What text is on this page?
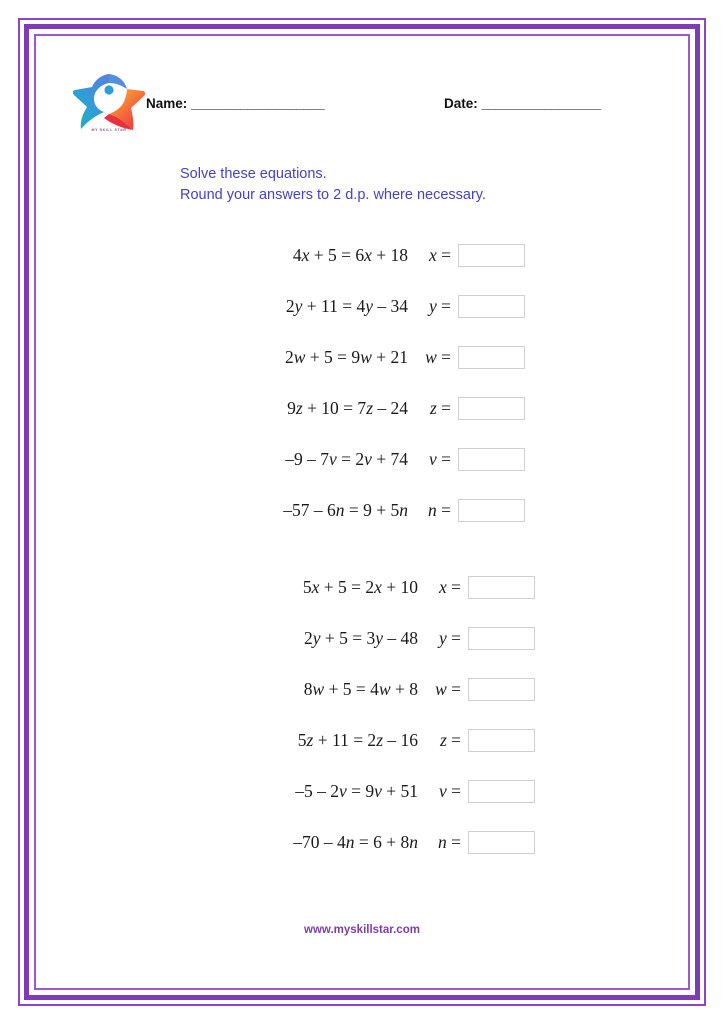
MY SKILL STAR
Name: ___________________	Date: _________________
Solve these equations.
Round your answers to 2 d.p. where necessary.
4x + 5 = 6x + 18	x =
2y + 11 = 4y – 34	y =
2w + 5 = 9w + 21 w =
9z + 10 = 7z – 24	z =
–9 – 7v = 2v + 74	v =
–57 – 6n = 9 + 5n	n =
5x + 5 = 2x + 10	x =
2y + 5 = 3y – 48	y =
8w + 5 = 4w + 8 w =
5z + 11 = 2z – 16	z =
–5 – 2v = 9v + 51	v =
–70 – 4n = 6 + 8n	n =
www.myskillstar.com
